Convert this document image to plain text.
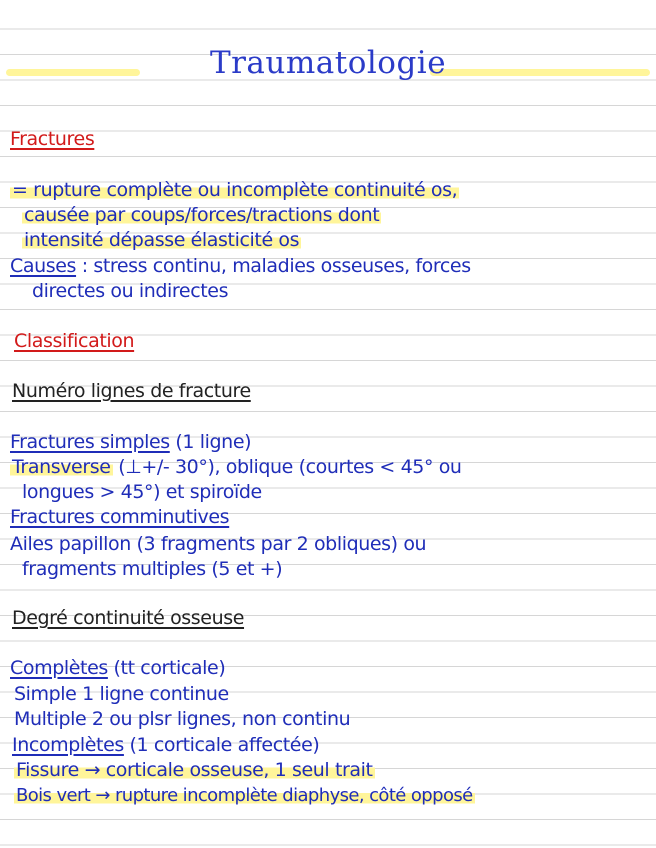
Traumatologie
Fractures
= rupture complète ou incomplète continuité os,
causée par coups/forces/tractions dont
intensité dépasse élasticité os
Causes : stress continu, maladies osseuses, forces
directes ou indirectes
Classification
Numéro lignes de fracture
Fractures simples (1 ligne)
Transverse (⊥+/- 30°), oblique (courtes < 45° ou
longues > 45°) et spiroïde
Fractures comminutives
Ailes papillon (3 fragments par 2 obliques) ou
fragments multiples (5 et +)
Degré continuité osseuse
Complètes (tt corticale)
Simple 1 ligne continue
Multiple 2 ou plsr lignes, non continu
Incomplètes (1 corticale affectée)
Fissure → corticale osseuse, 1 seul trait
Bois vert → rupture incomplète diaphyse, côté opposé
